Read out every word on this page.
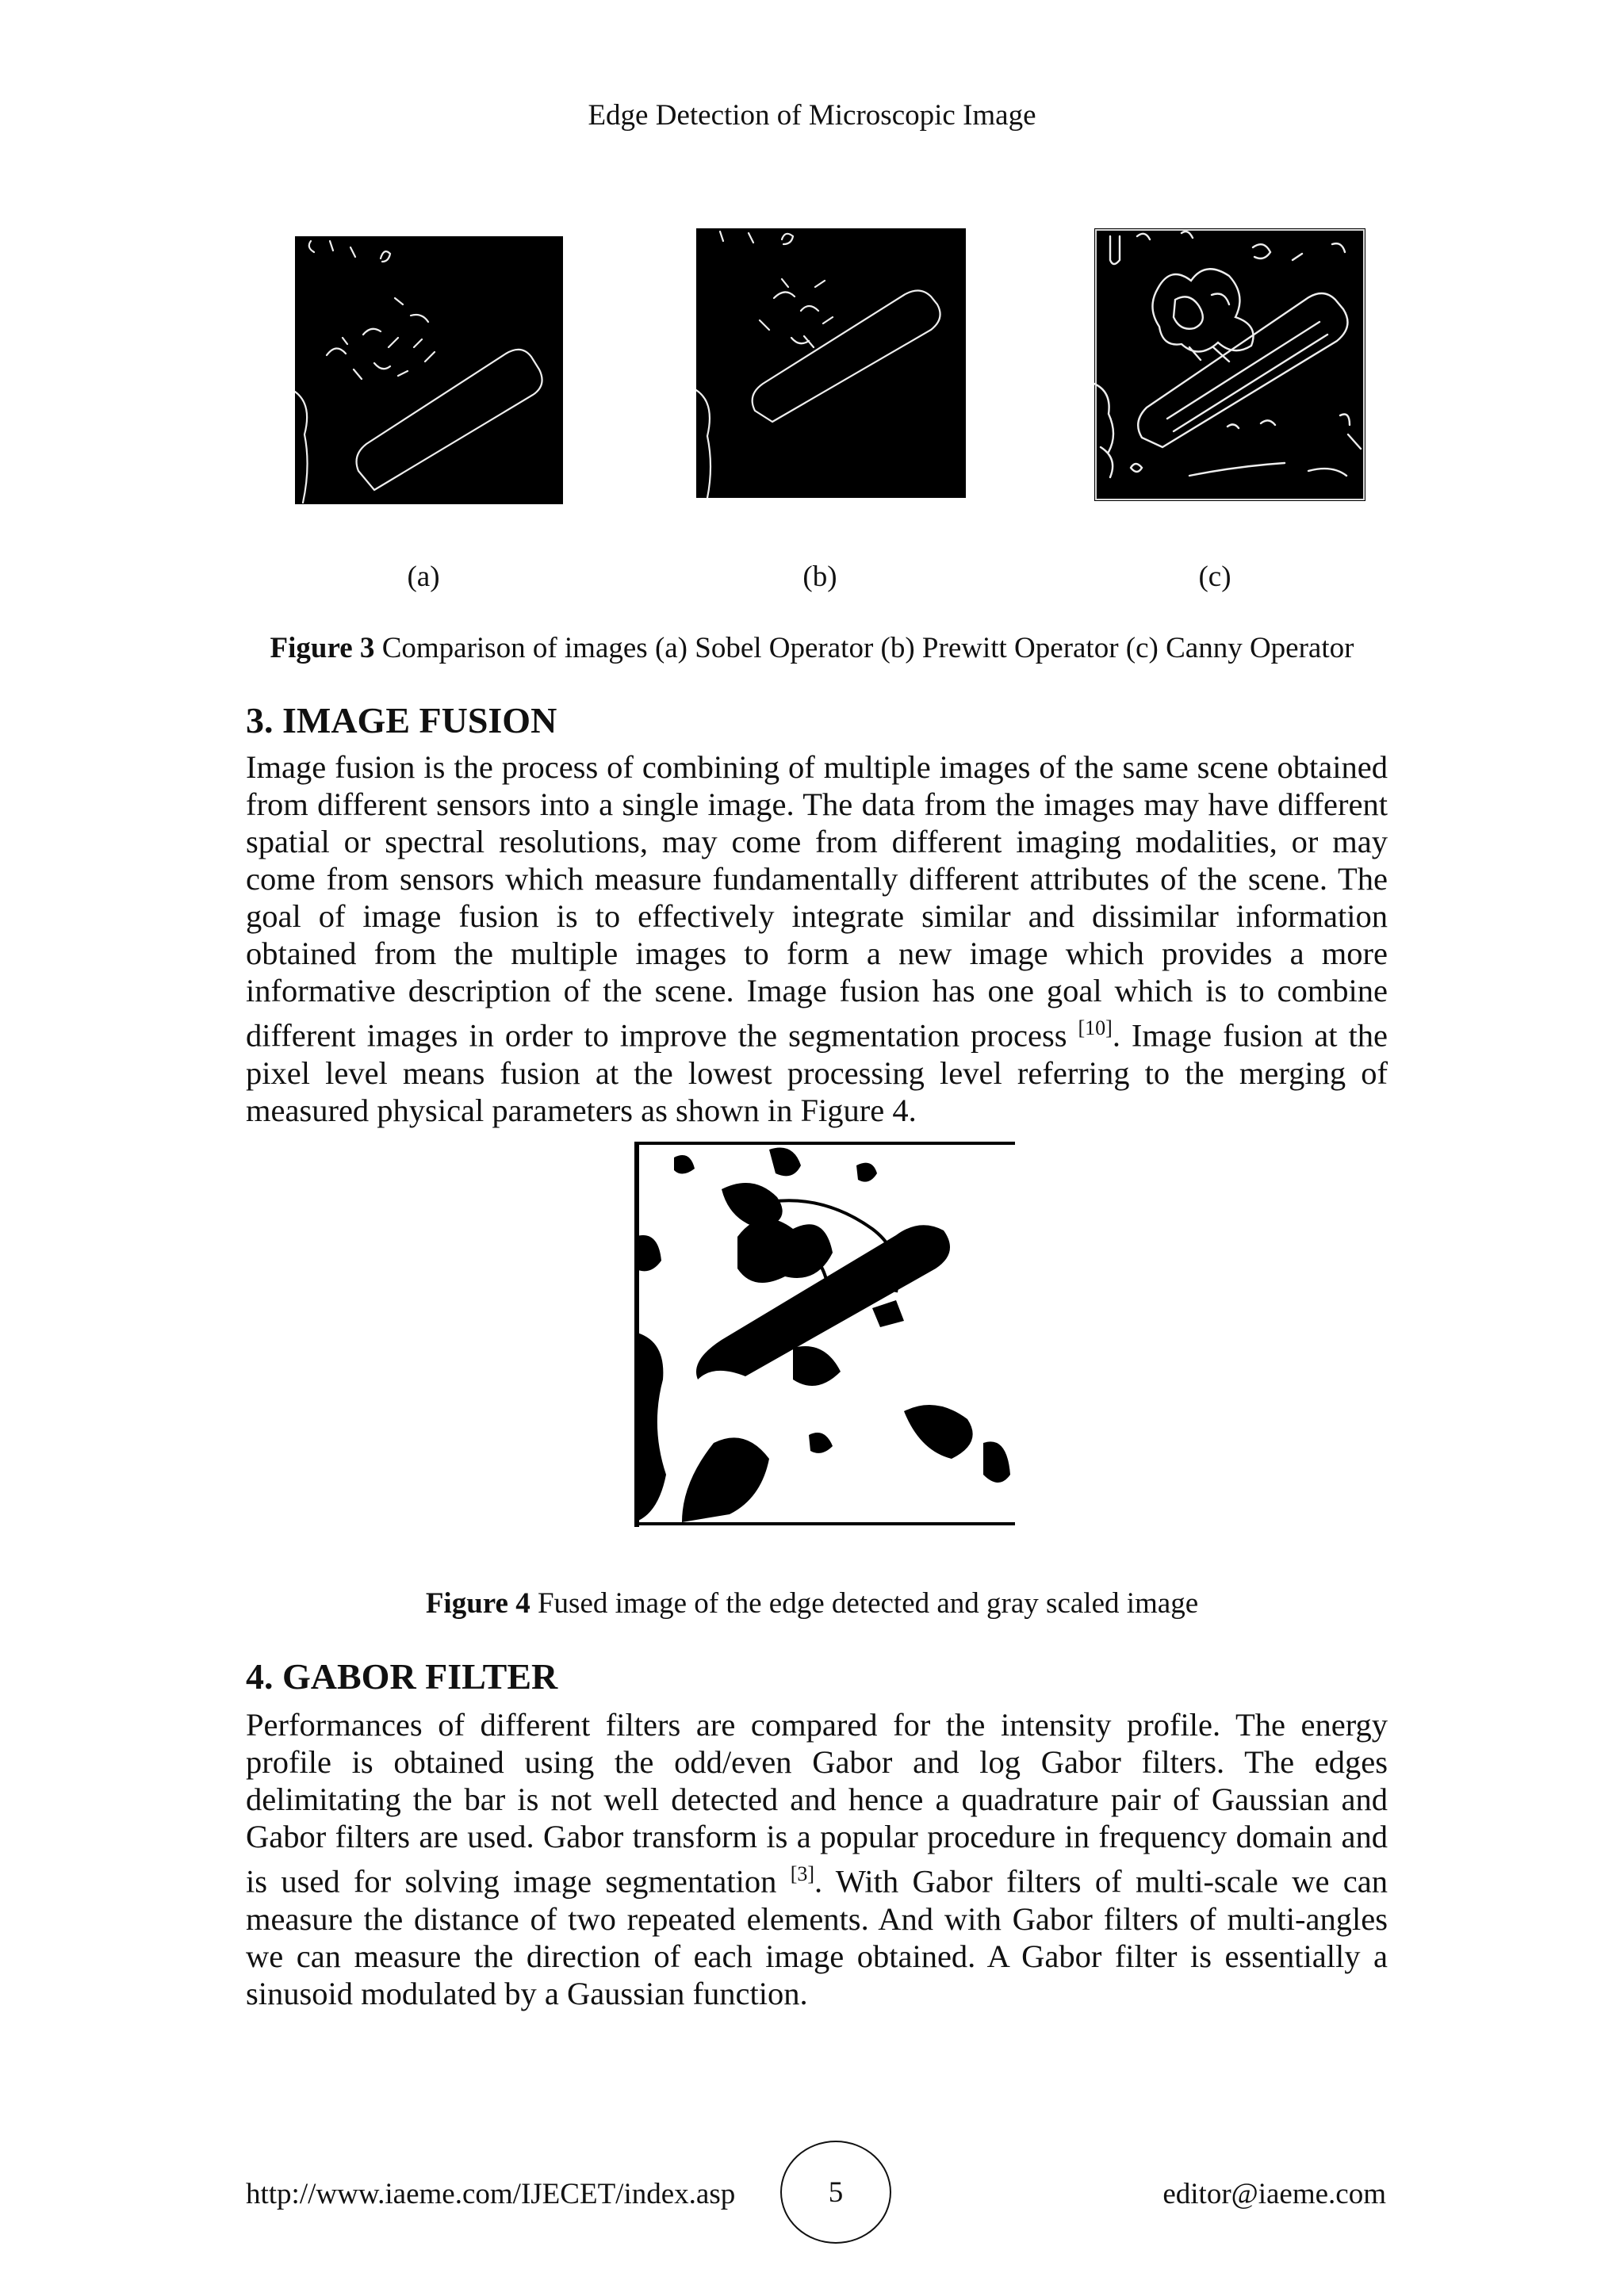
Edge Detection of Microscopic Image
(a)	(b)	(c)
Figure 3 Comparison of images (a) Sobel Operator (b) Prewitt Operator (c) Canny Operator
3. IMAGE FUSION

Image fusion is the process of combining of multiple images of the same scene obtained from different sensors into a single image. The data from the images may have different spatial or spectral resolutions, may come from different imaging modalities, or may come from sensors which measure fundamentally different attributes of the scene. The goal of image fusion is to effectively integrate similar and dissimilar information obtained from the multiple images to form a new image which provides a more informative description of the scene. Image fusion has one goal which is to combine different images in order to improve the segmentation process [10]. Image fusion at the pixel level means fusion at the lowest processing level referring to the merging of measured physical parameters as shown in Figure 4.

Figure 4 Fused image of the edge detected and gray scaled image
4. GABOR FILTER

Performances of different filters are compared for the intensity profile. The energy profile is obtained using the odd/even Gabor and log Gabor filters. The edges delimitating the bar is not well detected and hence a quadrature pair of Gaussian and Gabor filters are used. Gabor transform is a popular procedure in frequency domain and is used for solving image segmentation [3]. With Gabor filters of multi-scale we can measure the distance of two repeated elements. And with Gabor filters of multi-angles we can measure the direction of each image obtained. A Gabor filter is essentially a sinusoid modulated by a Gaussian function.

http://www.iaeme.com/IJECET/index.asp	5	editor@iaeme.com
